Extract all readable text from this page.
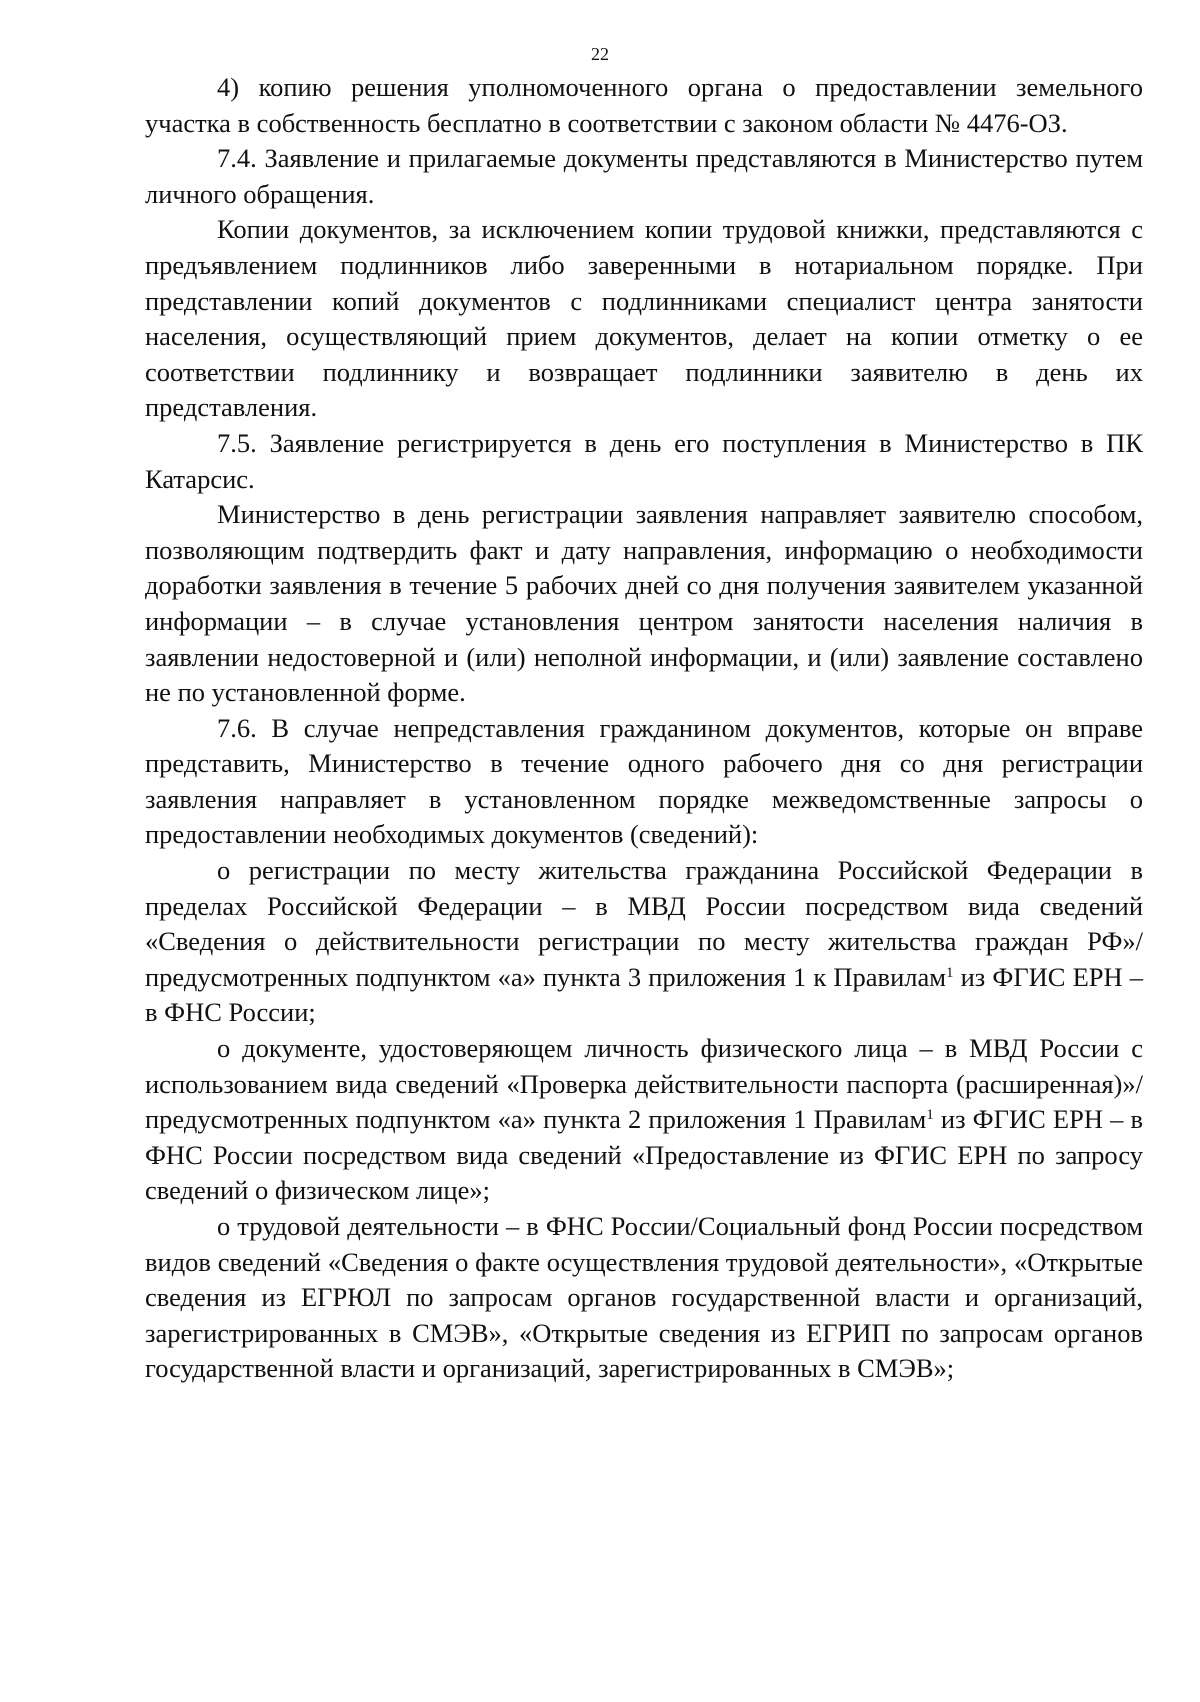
22

4) копию решения уполномоченного органа о предоставлении земельного участка в собственность бесплатно в соответствии с законом области № 4476-ОЗ.

7.4. Заявление и прилагаемые документы представляются в Министерство путем личного обращения.

Копии документов, за исключением копии трудовой книжки, представляются с предъявлением подлинников либо заверенными в нотариальном порядке. При представлении копий документов с подлинниками специалист центра занятости населения, осуществляющий прием документов, делает на копии отметку о ее соответствии подлиннику и возвращает подлинники заявителю в день их представления.

7.5. Заявление регистрируется в день его поступления в Министерство в ПК Катарсис.

Министерство в день регистрации заявления направляет заявителю способом, позволяющим подтвердить факт и дату направления, информацию о необходимости доработки заявления в течение 5 рабочих дней со дня получения заявителем указанной информации – в случае установления центром занятости населения наличия в заявлении недостоверной и (или) неполной информации, и (или) заявление составлено не по установленной форме.

7.6. В случае непредставления гражданином документов, которые он вправе представить, Министерство в течение одного рабочего дня со дня регистрации заявления направляет в установленном порядке межведомственные запросы о предоставлении необходимых документов (сведений):

о регистрации по месту жительства гражданина Российской Федерации в пределах Российской Федерации – в МВД России посредством вида сведений «Сведения о действительности регистрации по месту жительства граждан РФ»/ предусмотренных подпунктом «а» пункта 3 приложения 1 к Правилам$^1$ из ФГИС ЕРН – в ФНС России;

о документе, удостоверяющем личность физического лица – в МВД России с использованием вида сведений «Проверка действительности паспорта (расширенная)»/ предусмотренных подпунктом «а» пункта 2 приложения 1 Правилам$^1$ из ФГИС ЕРН – в ФНС России посредством вида сведений «Предоставление из ФГИС ЕРН по запросу сведений о физическом лице»;

о трудовой деятельности – в ФНС России/Социальный фонд России посредством видов сведений «Сведения о факте осуществления трудовой деятельности», «Открытые сведения из ЕГРЮЛ по запросам органов государственной власти и организаций, зарегистрированных в СМЭВ», «Открытые сведения из ЕГРИП по запросам органов государственной власти и организаций, зарегистрированных в СМЭВ»;
